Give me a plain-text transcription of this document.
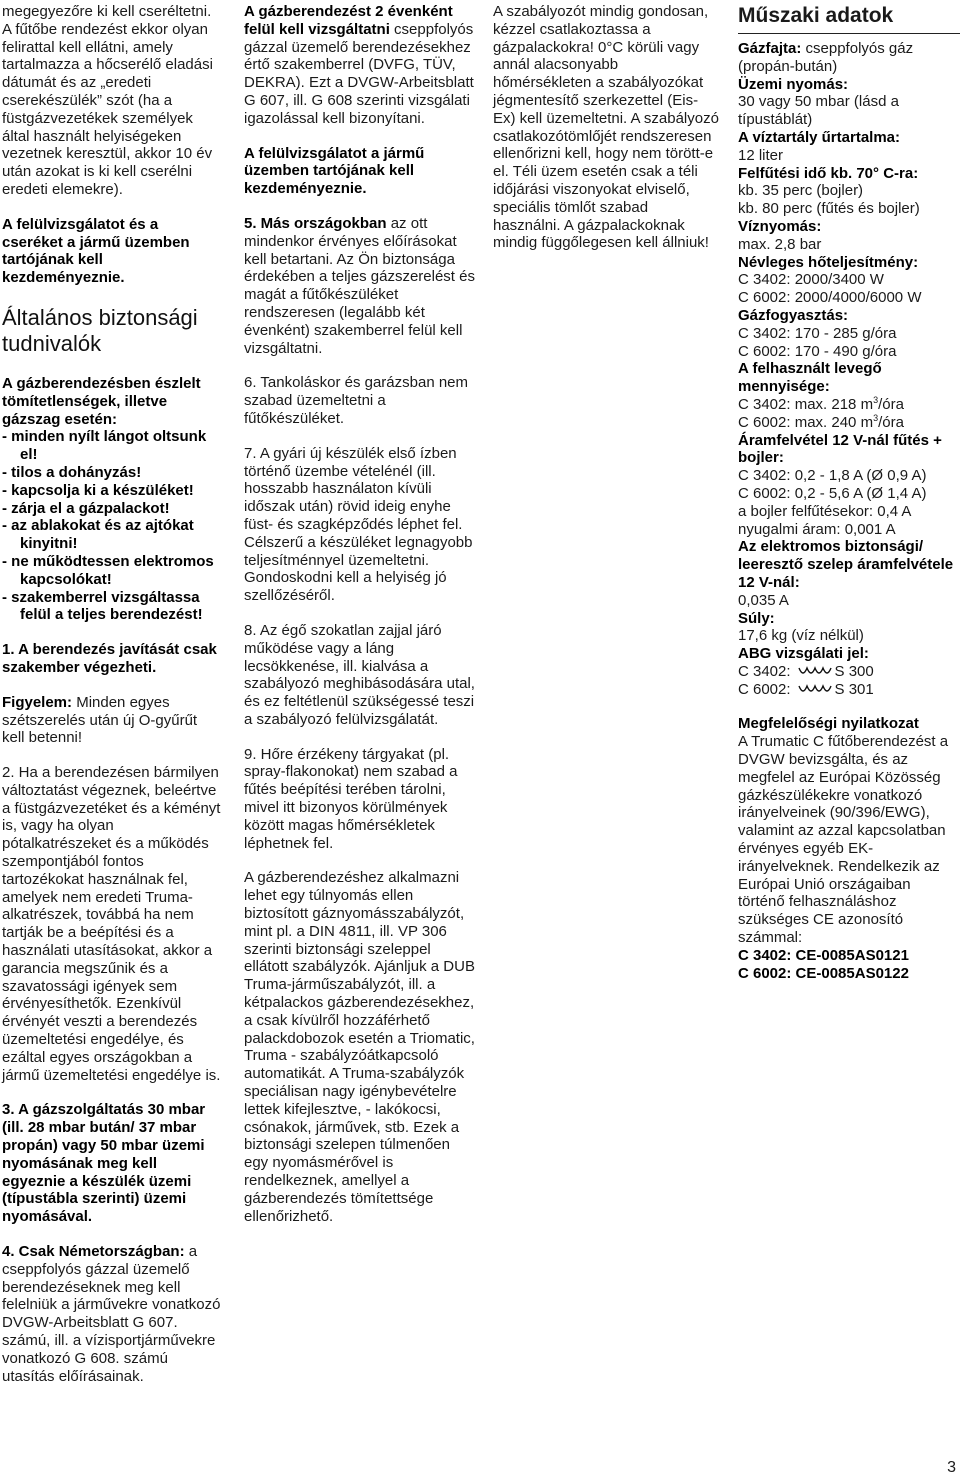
megegyezőre ki kell cseréltetni. A fűtőbe rendezést ekkor olyan felirattal kell ellátni, amely tartalmazza a hőcserélő eladási dátumát és az „eredeti cserekészülék” szót (ha a füstgázvezetékek személyek által használt helyiségeken vezetnek keresztül, akkor 10 év után azokat is ki kell cserélni eredeti elemekre).

A felülvizsgálatot és a cseréket a jármű üzemben tartójának kell kezdeményeznie.

Általános biztonsági tudnivalók

A gázberendezésben észlelt tömítetlenségek, illetve gázszag esetén:

- minden nyílt lángot oltsunk el!
- tilos a dohányzás!
- kapcsolja ki a készüléket!
- zárja el a gázpalackot!
- az ablakokat és az ajtókat kinyitni!
- ne működtessen elektromos kapcsolókat!
- szakemberrel vizsgáltassa felül a teljes berendezést!

1. A berendezés javítását csak szakember végezheti.

Figyelem: Minden egyes szétszerelés után új O-gyűrűt kell betenni!

2. Ha a berendezésen bármilyen változtatást végeznek, beleértve a füstgázvezetéket és a kéményt is, vagy ha olyan pótalkatrészeket és a működés szempontjából fontos tartozékokat használnak fel, amelyek nem eredeti Truma-alkatrészek, továbbá ha nem tartják be a beépítési és a használati utasításokat, akkor a garancia megszűnik és a szavatossági igények sem érvényesíthetők. Ezenkívül érvényét veszti a berendezés üzemeltetési engedélye, és ezáltal egyes országokban a jármű üzemeltetési engedélye is.

3. A gázszolgáltatás 30 mbar (ill. 28 mbar bután/ 37 mbar propán) vagy 50 mbar üzemi nyomásának meg kell egyeznie a készülék üzemi (típustábla szerinti) üzemi nyomásával.

4. Csak Németországban: a cseppfolyós gázzal üzemelő berendezéseknek meg kell felelniük a járművekre vonatkozó DVGW-Arbeitsblatt G 607. számú, ill. a vízisportjárművekre vonatkozó G 608. számú utasítás előírásainak.

A gázberendezést 2 évenként felül kell vizsgáltatni cseppfolyós gázzal üzemelő berendezésekhez értő szakemberrel (DVFG, TÜV, DEKRA). Ezt a DVGW-Arbeitsblatt G 607, ill. G 608 szerinti vizsgálati igazolással kell bizonyítani.

A felülvizsgálatot a jármű üzemben tartójának kell kezdeményeznie.

5. Más országokban az ott mindenkor érvényes előírásokat kell betartani. Az Ön biztonsága érdekében a teljes gázszerelést és magát a fűtőkészüléket rendszeresen (legalább két évenként) szakemberrel felül kell vizsgáltatni.

6. Tankoláskor és garázsban nem szabad üzemeltetni a fűtőkészüléket.

7. A gyári új készülék első ízben történő üzembe vételénél (ill. hosszabb használaton kívüli időszak után) rövid ideig enyhe füst- és szagképződés léphet fel. Célszerű a készüléket legnagyobb teljesítménnyel üzemeltetni. Gondoskodni kell a helyiség jó szellőzéséről.

8. Az égő szokatlan zajjal járó működése vagy a láng lecsökkenése, ill. kialvása a szabályozó meghibásodására utal, és ez feltétlenül szükségessé teszi a szabályozó felülvizsgálatát.

9. Hőre érzékeny tárgyakat (pl. spray-flakonokat) nem szabad a fűtés beépítési terében tárolni, mivel itt bizonyos körülmények között magas hőmérsékletek léphetnek fel.

A gázberendezéshez alkalmazni lehet egy túlnyomás ellen biztosított gáznyomásszabályzót, mint pl. a DIN 4811, ill. VP 306 szerinti biztonsági szeleppel ellátott szabályzók. Ajánljuk a DUB Truma-járműszabályzót, ill. a kétpalackos gázberendezésekhez, a csak kívülről hozzáférhető palackdobozok esetén a Triomatic, Truma - szabályzóátkapcsoló automatikát. A Truma-szabályzók speciálisan nagy igénybevételre lettek kifejlesztve, - lakókocsi, csónakok, járművek, stb. Ezek a biztonsági szelepen túlmenően egy nyomásmérővel is rendelkeznek, amellyel a gázberendezés tömítettsége ellenőrizhető.

A szabályozót mindig gondosan, kézzel csatlakoztassa a gázpalackokra! 0°C körüli vagy annál alacsonyabb hőmérsékleten a szabályozókat jégmentesítő szerkezettel (Eis-Ex) kell üzemeltetni. A szabályozó csatlakozótömlőjét rendszeresen ellenőrizni kell, hogy nem törött-e el. Téli üzem esetén csak a téli időjárási viszonyokat elviselő, speciális tömlőt szabad használni. A gázpalackoknak mindig függőlegesen kell állniuk!

Műszaki adatok

Gázfajta: cseppfolyós gáz (propán-bután)

Üzemi nyomás:

30 vagy 50 mbar (lásd a típustáblát)

A víztartály űrtartalma:

12 liter

Felfűtési idő kb. 70° C-ra:

kb. 35 perc (bojler)

kb. 80 perc (fűtés és bojler)

Víznyomás:

max. 2,8 bar

Névleges hőteljesítmény:

C 3402: 2000/3400 W

C 6002: 2000/4000/6000 W

Gázfogyasztás:

C 3402: 170 - 285 g/óra

C 6002: 170 - 490 g/óra

A felhasznált levegő mennyisége:

C 3402: max. 218 $m^3$/óra

C 6002: max. 240 $m^3$/óra

Áramfelvétel 12 V-nál fűtés + bojler:

C 3402: 0,2 - 1,8 A (Ø 0,9 A)

C 6002: 0,2 - 5,6 A (Ø 1,4 A)

a bojler felfűtésekor: 0,4 A

nyugalmi áram: 0,001 A

Az elektromos biztonsági/ leeresztő szelep áramfelvétele 12 V-nál:

0,035 A

Súly:

17,6 kg (víz nélkül)

ABG vizsgálati jel:

C 3402:	S 300

C 6002:	S 301

Megfelelőségi nyilatkozat

A Trumatic C fűtőberendezést a DVGW bevizsgálta, és az megfelel az Európai Közösség gázkészülékekre vonatkozó irányelveinek (90/396/EWG), valamint az azzal kapcsolatban érvényes egyéb EK-irányelveknek. Rendelkezik az Európai Unió országaiban történő felhasználáshoz szükséges CE azonosító számmal:

C 3402: CE-0085AS0121

C 6002: CE-0085AS0122

3
